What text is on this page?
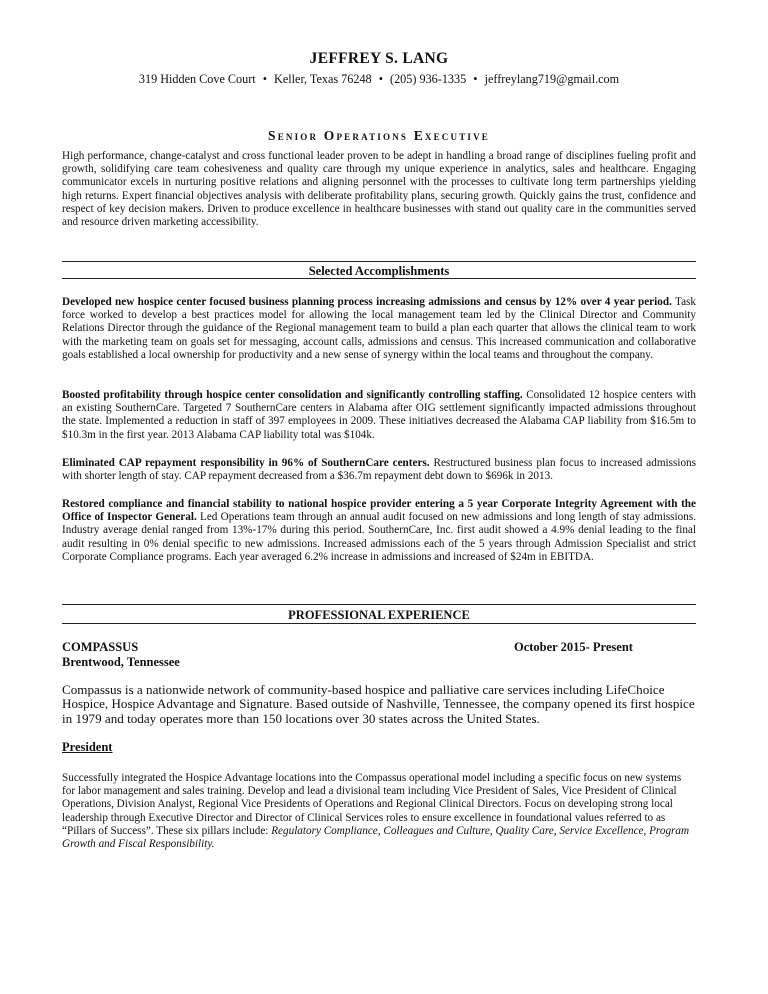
JEFFREY S. LANG
319 Hidden Cove Court • Keller, Texas 76248 • (205) 936-1335 • jeffreylang719@gmail.com
Senior Operations Executive
High performance, change-catalyst and cross functional leader proven to be adept in handling a broad range of disciplines fueling profit and growth, solidifying care team cohesiveness and quality care through my unique experience in analytics, sales and healthcare. Engaging communicator excels in nurturing positive relations and aligning personnel with the processes to cultivate long term partnerships yielding high returns. Expert financial objectives analysis with deliberate profitability plans, securing growth. Quickly gains the trust, confidence and respect of key decision makers. Driven to produce excellence in healthcare businesses with stand out quality care in the communities served and resource driven marketing accessibility.
Selected Accomplishments
Developed new hospice center focused business planning process increasing admissions and census by 12% over 4 year period. Task force worked to develop a best practices model for allowing the local management team led by the Clinical Director and Community Relations Director through the guidance of the Regional management team to build a plan each quarter that allows the clinical team to work with the marketing team on goals set for messaging, account calls, admissions and census. This increased communication and collaborative goals established a local ownership for productivity and a new sense of synergy within the local teams and throughout the company.
Boosted profitability through hospice center consolidation and significantly controlling staffing. Consolidated 12 hospice centers with an existing SouthernCare. Targeted 7 SouthernCare centers in Alabama after OIG settlement significantly impacted admissions throughout the state. Implemented a reduction in staff of 397 employees in 2009. These initiatives decreased the Alabama CAP liability from $16.5m to $10.3m in the first year. 2013 Alabama CAP liability total was $104k.
Eliminated CAP repayment responsibility in 96% of SouthernCare centers. Restructured business plan focus to increased admissions with shorter length of stay. CAP repayment decreased from a $36.7m repayment debt down to $696k in 2013.
Restored compliance and financial stability to national hospice provider entering a 5 year Corporate Integrity Agreement with the Office of Inspector General. Led Operations team through an annual audit focused on new admissions and long length of stay admissions. Industry average denial ranged from 13%-17% during this period. SouthernCare, Inc. first audit showed a 4.9% denial leading to the final audit resulting in 0% denial specific to new admissions. Increased admissions each of the 5 years through Admission Specialist and strict Corporate Compliance programs. Each year averaged 6.2% increase in admissions and increased of $24m in EBITDA.
PROFESSIONAL EXPERIENCE
COMPASSUS	October 2015- Present
Brentwood, Tennessee
Compassus is a nationwide network of community-based hospice and palliative care services including LifeChoice Hospice, Hospice Advantage and Signature. Based outside of Nashville, Tennessee, the company opened its first hospice in 1979 and today operates more than 150 locations over 30 states across the United States.
President
Successfully integrated the Hospice Advantage locations into the Compassus operational model including a specific focus on new systems for labor management and sales training. Develop and lead a divisional team including Vice President of Sales, Vice President of Clinical Operations, Division Analyst, Regional Vice Presidents of Operations and Regional Clinical Directors. Focus on developing strong local leadership through Executive Director and Director of Clinical Services roles to ensure excellence in foundational values referred to as “Pillars of Success”. These six pillars include: Regulatory Compliance, Colleagues and Culture, Quality Care, Service Excellence, Program Growth and Fiscal Responsibility.
